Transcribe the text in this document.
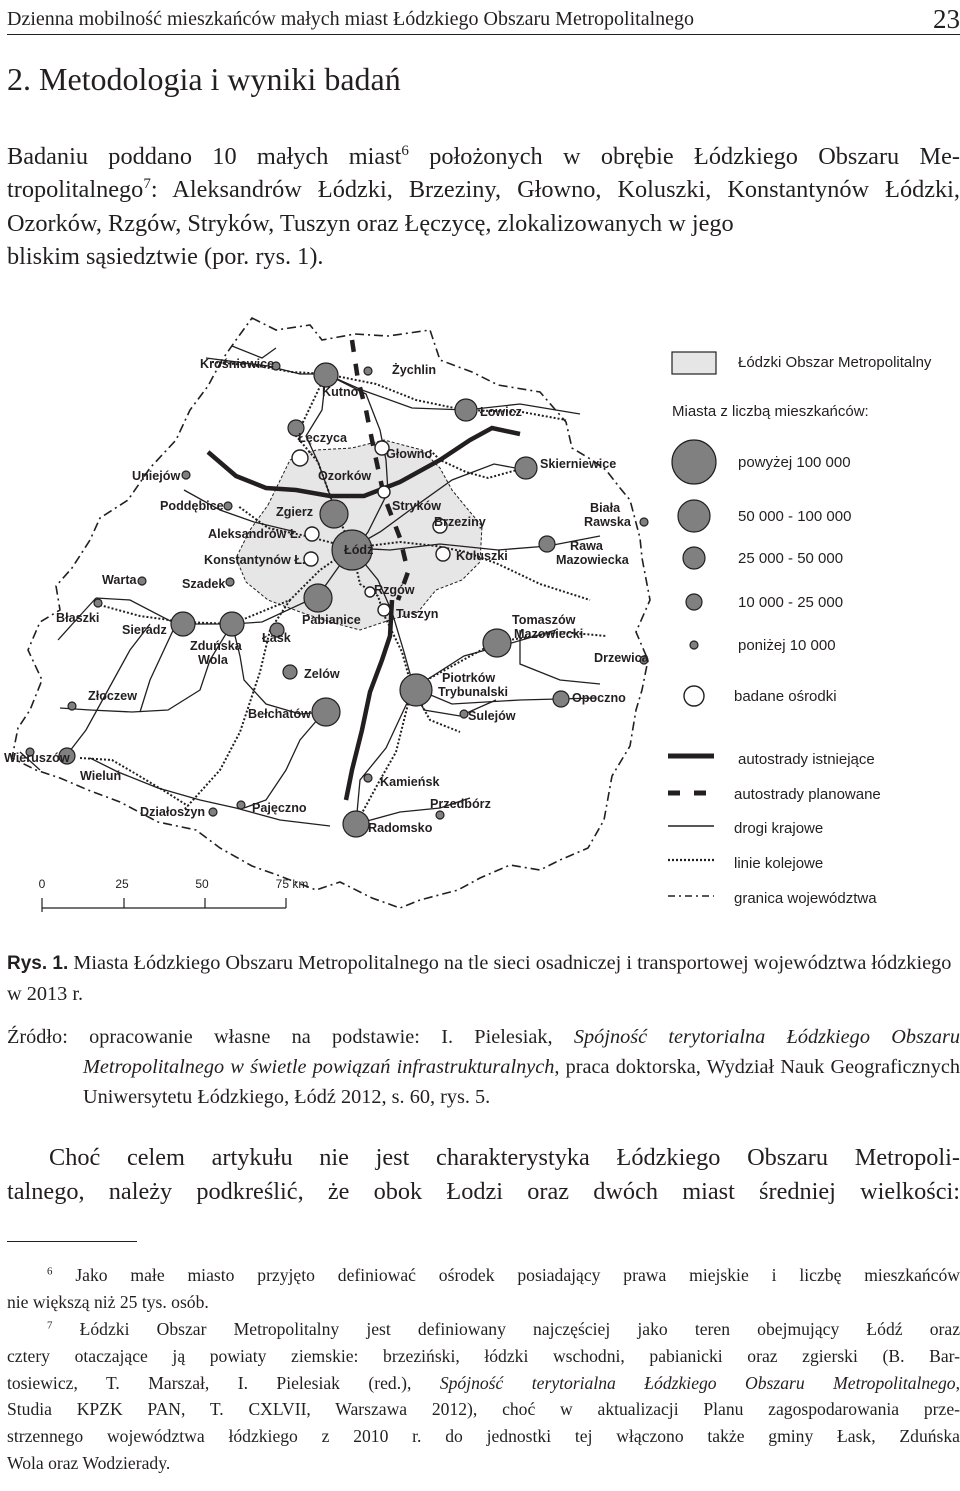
Dzienna mobilność mieszkańców małych miast Łódzkiego Obszaru Metropolitalnego	23
2. Metodologia i wyniki badań

Badaniu poddano 10 małych miast$^6$ położonych w obrębie Łódzkiego Obszaru Me- tropolitalnego$^7$: Aleksandrów Łódzki, Brzeziny, Głowno, Koluszki, Konstantynów Łódzki, Ozorków, Rzgów, Stryków, Tuszyn oraz Łęczycę, zlokalizowanych w jego
bliskim sąsiedztwie (por. rys. 1).

Krośniewice	Żychlin
Kutno
Łowicz
Łęczyca
Głowno
Uniejów	Ozorków
Skierniewice
Poddębice	Zgierz	Stryków	Biała
Rawska
Aleksandrów Ł.
Brzeziny
Łódź
Konstantynów Ł.	Koluszki
Rawa
Mazowiecka
Warta	Szadek	Rzgów
Błaszki
Sieradz
Pabianice	Tuszyn	Tomaszów
Mazowiecki
Łask
Zduńska
Wola	Drzewica
Zelów
Złoczew
Piotrków
Trybunalski	Opoczno
Bełchatów	Sulejów
Wieruszów
Wieluń	Kamieńsk
Przedbórz
Działoszyn	Pajęczno
Radomsko
0	25	50	75 km
Łódzki Obszar Metropolitalny
Miasta z liczbą mieszkańców:
powyżej 100 000
50 000 - 100 000
25 000 - 50 000
10 000 - 25 000
poniżej 10 000
badane ośrodki
autostrady istniejące
autostrady planowane
drogi krajowe
linie kolejowe
granica województwa

Rys. 1. Miasta Łódzkiego Obszaru Metropolitalnego na tle sieci osadniczej i transportowej województwa łódzkiego w 2013 r.

Źródło: opracowanie własne na podstawie: I. Pielesiak, Spójność terytorialna Łódzkiego Obszaru
Metropolitalnego w świetle powiązań infrastrukturalnych, praca doktorska, Wydział Nauk Geograficznych Uniwersytetu Łódzkiego, Łódź 2012, s. 60, rys. 5.

Choć celem artykułu nie jest charakterystyka Łódzkiego Obszaru Metropoli-
talnego, należy podkreślić, że obok Łodzi oraz dwóch miast średniej wielkości:

$^6$ Jako małe miasto przyjęto definiować ośrodek posiadający prawa miejskie i liczbę mieszkańców
nie większą niż 25 tys. osób.

$^7$ Łódzki Obszar Metropolitalny jest definiowany najczęściej jako teren obejmujący Łódź oraz
cztery otaczające ją powiaty ziemskie: brzeziński, łódzki wschodni, pabianicki oraz zgierski (B. Bar-
tosiewicz, T. Marszał, I. Pielesiak (red.), Spójność terytorialna Łódzkiego Obszaru Metropolitalnego,
Studia KPZK PAN, T. CXLVII, Warszawa 2012), choć w aktualizacji Planu zagospodarowania prze-
strzennego województwa łódzkiego z 2010 r. do jednostki tej włączono także gminy Łask, Zduńska
Wola oraz Wodzierady.
